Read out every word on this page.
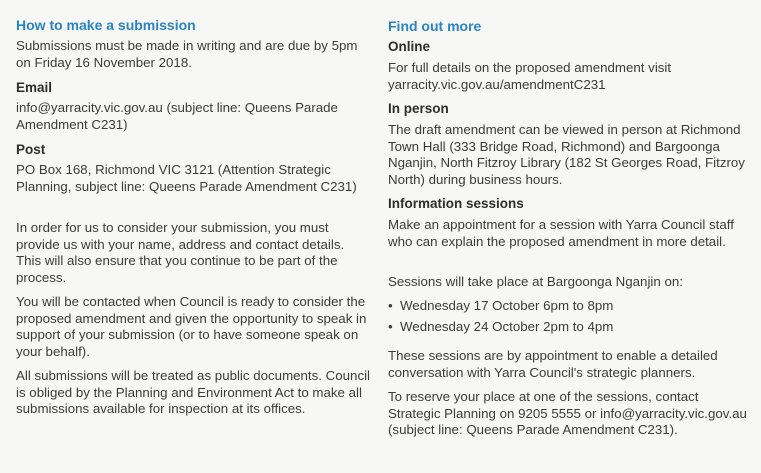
How to make a submission

Submissions must be made in writing and are due by 5pm on Friday 16 November 2018.

Email

info@yarracity.vic.gov.au (subject line: Queens Parade Amendment C231)

Post

PO Box 168, Richmond VIC 3121 (Attention Strategic Planning, subject line: Queens Parade Amendment C231)

In order for us to consider your submission, you must provide us with your name, address and contact details. This will also ensure that you continue to be part of the process.

You will be contacted when Council is ready to consider the proposed amendment and given the opportunity to speak in support of your submission (or to have someone speak on your behalf).

All submissions will be treated as public documents. Council is obliged by the Planning and Environment Act to make all submissions available for inspection at its offices.

Find out more
Online

For full details on the proposed amendment visit yarracity.vic.gov.au/amendmentC231

In person

The draft amendment can be viewed in person at Richmond Town Hall (333 Bridge Road, Richmond) and Bargoonga Nganjin, North Fitzroy Library (182 St Georges Road, Fitzroy North) during business hours.

Information sessions

Make an appointment for a session with Yarra Council staff who can explain the proposed amendment in more detail.

Sessions will take place at Bargoonga Nganjin on:

• Wednesday 17 October 6pm to 8pm
• Wednesday 24 October 2pm to 4pm

These sessions are by appointment to enable a detailed conversation with Yarra Council's strategic planners.

To reserve your place at one of the sessions, contact Strategic Planning on 9205 5555 or info@yarracity.vic.gov.au (subject line: Queens Parade Amendment C231).
